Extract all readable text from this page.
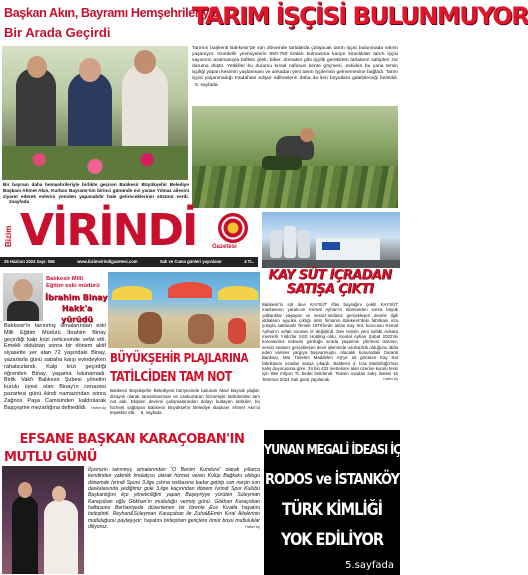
Başkan Akın, Bayramı Hemşehrileriyle
Bir Arada Geçirdi
Bir bayram daha hemşehrileriyle birlikte geçiren Balıkesir Büyükşehir Belediye Başkanı Ahmet Akın, Kurban Bayramı'nın birinci gününde evi yanan Yılmaz ailesini ziyaret ederek evlerini yeniden yapanabilir hale getireceklerinin sözünü verdi. 2sayfada
TARIM İŞÇİSİ BULUNMUYOR
Tarımın başkenti Balıkesir'de son dönemde tarlalarda çalışacak tarım işçisi bulunmada sıkıntı yaşanıyor. Gündelik yevmiyelerin 650-750 liraları bulmasına karşın kiraslıkları tarım işçisi sayısının azalmasıyla birlikte çilek, biber, domates gibi işçilik gerektiren tarlaların sahipleri zor duruma düştü. Yetkililer bu durumu kırsal nüfusun kente göçmesi, eskiden bu yana temin işçiliği yapan kesimin yaşlanması ve ankadan yeni tarım işçilerinin gelmemesine bağladı. Tarım işçisi yaşanmadığı müdahale ediyor edilmelerin daha da ileri boyutlara gidebileceği belirtildi. 5. sayfada
Bizim VİRİNDİ	Gazetesi
26 Haziran 2024 Sayı: 066	www.bizimvirindigazetesi.com	Salı ve Cuma günleri yayınlanır	4 TL.
KAY SÜT İÇRADAN
SATIŞA ÇIKTI
Balıkesir'in süt devi KAYSÜT iflas bayrağını çekti! KAYSÜT markasının yaratıcısı Kemal Ayhan'ın ölümünden sonra büyük çalkantılar yaşayan ve sessiz-sedasız gerçekleşen devirle ilgili iddiaların ayyuka çıktığı ünlü firmanın Balıkesir'deki fabrikası icra yoluyla satılacak! Temelı 1970'lerde atılan Kay Süt, kurucusu Kemal Ayhan'ın vefatı sonrası el değiştirdi. Dev tesisin yeni sahibi Ankara merkezli Yıldızlar SSS Holding oldu. Kemal Ayhan Şubat 2022'de koronavirüs tedavisi gördüğü sırada yaşamını yitirmesi üzerine, sessiz sedasız gerçekleşen devir işleminde usulsüzlük olduğunu iddia eden varisler yargıya başvurmuştu. Alacaklı konumdaki Garanti Bankası, Mar Tüketim Maddeleri AŞ'ye ait görünen Kay Süt fabrikasını icradan satışa çıkardı. Balıkesir 4. İcra Müdürlüğü'nün satış duyurusuna göre, 34 bin 432 metrekare alan üzerine kurulu tesis için 668 milyon TL bedel belirlendi. Tesisin icradan satış ihalesi 16 Temmuz 2024 Salı günü yapılacak.	Haber Ay
Balıkesir Milli
Eğitim eski müdürü
İbrahim Binay
Hakk'a yürüdü
Balıkesir'in tanınmış simalarından eski Milli Eğitim Müdürü İbrahim Binay geçirdiği kalp krizi neticesinde vefat etti. Emekli olduktan sonra bir dönem aktif siyasette yer alan 72 yaşındaki Binay, yazarlarla günü sabaha karşı evindeyken rahatsızlandı. Kalp krizi geçirdiği öğrenilen Binay, yaşama tutunamadı. Birlik Vakfı Balıkesir Şubesi yönetim kurulu üyesi olan Binay'ın cenazesi pazartesi günü ikindi namazından sonra Zağnos Paşa Camisinden kaldırılarak Başçeşme mezarlığına defnedildi. Haber Ay
BÜYÜKŞEHİR PLAJLARINA
TATİLCİDEN TAM NOT
Balıkesir Büyükşehir Belediyesi bünyesinde bulunan Mavi Bayrak plajlar, dizaynlı olarak tamamlanması ve cankurtaran hizmetiyle tatilcilerden tam not aldı. Ekipleri devrimi çalışmalarından dolayı kutlayan tatilciler, bu hizmeti sağlayan Balıkesir Büyükşehir Belediye Başkanı Ahmet Akın'a teşekkür etti. 6. sayfada
EFSANE BAŞKAN KARAÇOBAN'IN
MUTLU GÜNÜ
İlçemizin tanınmış simalarından "O Benim Kundura" olarak yıllarca kendinden yakinlik imalatçısı olarak hizmet veren Kulüp Bağkanı oldugu dönemde İvrindi Spuru 3.lige çıkma noktasına kadar getirip son meşin son daskalasında yediğimiz gole 3.lige kaçırından dönem İvrindi Spor Kulübü Başkanlığını ilçe yöneticiliğini yapan Başeyriyye yürüten Süleyman Karaçoban oğlu Gökhan'ın mutluluğu vermiş günü. Gökhan Karaçoban haftasonu Berhaniyede düzenlenen bir törenle Ece Kıratla hayatını birleştirdi. Reyhan&Süleyman Karaçoban ile Zuhal&Emin Kıral Ailelerinin mutluluğunu paylaşıyor; hayatını birleştiren gençlere ömür boyu mutluluklar diliyoruz.	Haber Ay
YUNAN MEGALİ İDEASI İÇİN
RODOS ve İSTANKÖY
TÜRK KİMLİĞİ
YOK EDİLİYOR
5.sayfada
